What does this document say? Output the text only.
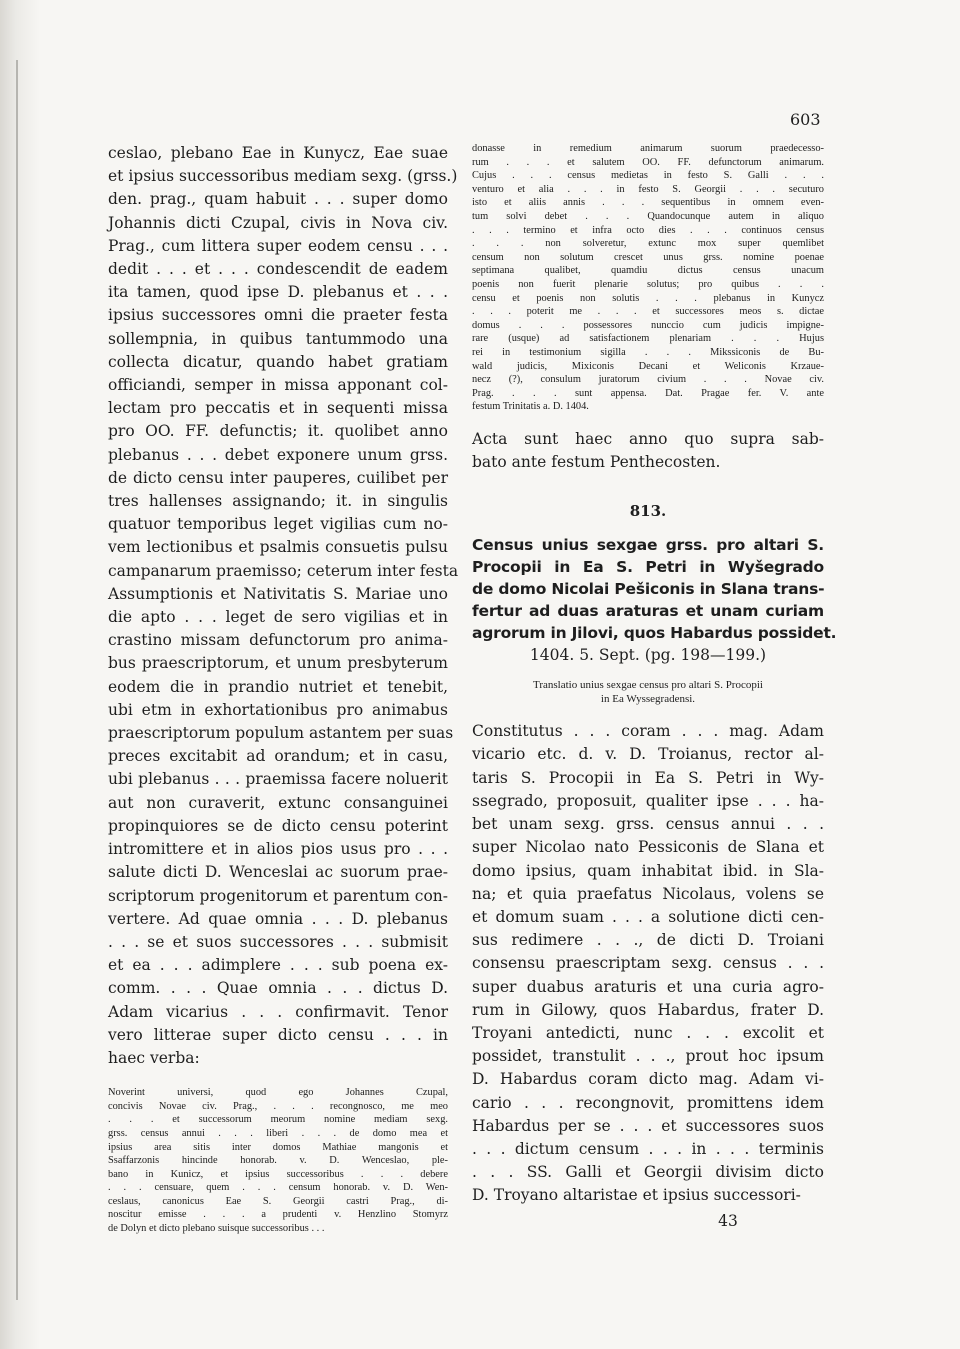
603

ceslao, plebano Eae in Kunycz, Eae suae

et ipsius successoribus mediam sexg. (grss.)

den. prag., quam habuit . . . super domo

Johannis dicti Czupal, civis in Nova civ.

Prag., cum littera super eodem censu . . .

dedit . . . et . . . condescendit de eadem

ita tamen, quod ipse D. plebanus et . . .

ipsius successores omni die praeter festa

sollempnia, in quibus tantummodo una

collecta dicatur, quando habet gratiam

officiandi, semper in missa apponant col-

lectam pro peccatis et in sequenti missa

pro OO. FF. defunctis; it. quolibet anno

plebanus . . . debet exponere unum grss.

de dicto censu inter pauperes, cuilibet per

tres hallenses assignando; it. in singulis

quatuor temporibus leget vigilias cum no-

vem lectionibus et psalmis consuetis pulsu

campanarum praemisso; ceterum inter festa

Assumptionis et Nativitatis S. Mariae uno

die apto . . . leget de sero vigilias et in

crastino missam defunctorum pro anima-

bus praescriptorum, et unum presbyterum

eodem die in prandio nutriet et tenebit,

ubi etm in exhortationibus pro animabus

praescriptorum populum astantem per suas

preces excitabit ad orandum; et in casu,

ubi plebanus . . . praemissa facere noluerit

aut non curaverit, extunc consanguinei

propinquiores se de dicto censu poterint

intromittere et in alios pios usus pro . . .

salute dicti D. Wenceslai ac suorum prae-

scriptorum progenitorum et parentum con-

vertere. Ad quae omnia . . . D. plebanus

. . . se et suos successores . . . submisit

et ea . . . adimplere . . . sub poena ex-

comm. . . . Quae omnia . . . dictus D.

Adam vicarius . . . confirmavit. Tenor

vero litterae super dicto censu . . . in

haec verba:

Noverint universi, quod ego Johannes Czupal,

concivis Novae civ. Prag., . . . recongnosco, me meo

. . . et successorum meorum nomine mediam sexg.

grss. census annui . . . liberi . . . de domo mea et

ipsius area sitis inter domos Mathiae mangonis et

Ssaffarzonis hincinde honorab. v. D. Wenceslao, ple-

bano in Kunicz, et ipsius successoribus . . . debere

. . . censuare, quem . . . censum honorab. v. D. Wen-

ceslaus, canonicus Eae S. Georgii castri Prag., di-

noscitur emisse . . . a prudenti v. Henzlino Stomyrz

de Dolyn et dicto plebano suisque successoribus . . .

donasse in remedium animarum suorum praedecesso-

rum . . . et salutem OO. FF. defunctorum animarum.

Cujus . . . census medietas in festo S. Galli . . .

venturo et alia . . . in festo S. Georgii . . . secuturo

isto et aliis annis . . . sequentibus in omnem even-

tum solvi debet . . . Quandocunque autem in aliquo

. . . termino et infra octo dies . . . continuos census

. . . non solveretur, extunc mox super quemlibet

censum non solutum crescet unus grss. nomine poenae

septimana qualibet, quamdiu dictus census unacum

poenis non fuerit plenarie solutus; pro quibus . . .

censu et poenis non solutis . . . plebanus in Kunycz

. . . poterit me . . . et successores meos s. dictae

domus . . . possessores nunccio cum judicis impigne-

rare (usque) ad satisfactionem plenariam . . . Hujus

rei in testimonium sigilla . . . Mikssiconis de Bu-

wald judicis, Mixiconis Decani et Weliconis Krzaue-

necz (?), consulum juratorum civium . . . Novae civ.

Prag. . . . sunt appensa. Dat. Pragae fer. V. ante

festum Trinitatis a. D. 1404.

Acta sunt haec anno quo supra sab-

bato ante festum Penthecosten.

813.

Census unius sexgae grss. pro altari S.

Procopii in Ea S. Petri in Wyšegrado

de domo Nicolai Pešiconis in Slana trans-

fertur ad duas araturas et unam curiam

agrorum in Jilovi, quos Habardus possidet.

1404. 5. Sept. (pg. 198—199.)

Translatio unius sexgae census pro altari S. Procopii

in Ea Wyssegradensi.

Constitutus . . . coram . . . mag. Adam

vicario etc. d. v. D. Troianus, rector al-

taris S. Procopii in Ea S. Petri in Wy-

ssegrado, proposuit, qualiter ipse . . . ha-

bet unam sexg. grss. census annui . . .

super Nicolao nato Pessiconis de Slana et

domo ipsius, quam inhabitat ibid. in Sla-

na; et quia praefatus Nicolaus, volens se

et domum suam . . . a solutione dicti cen-

sus redimere . . ., de dicti D. Troiani

consensu praescriptam sexg. census . . .

super duabus araturis et una curia agro-

rum in Gilowy, quos Habardus, frater D.

Troyani antedicti, nunc . . . excolit et

possidet, transtulit . . ., prout hoc ipsum

D. Habardus coram dicto mag. Adam vi-

cario . . . recongnovit, promittens idem

Habardus per se . . . et successores suos

. . . dictum censum . . . in . . . terminis

. . . SS. Galli et Georgii divisim dicto

D. Troyano altaristae et ipsius successori-

43
